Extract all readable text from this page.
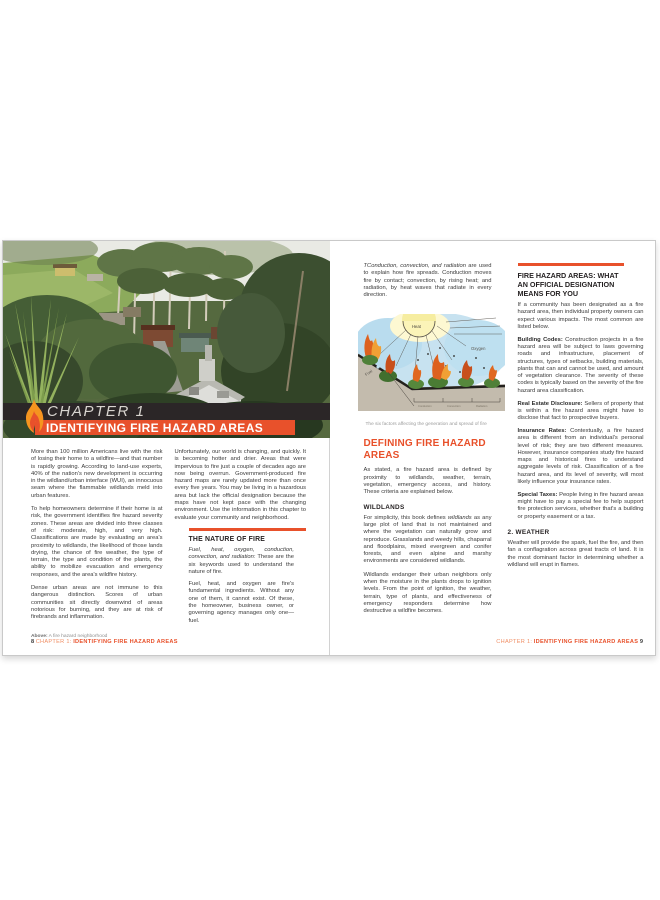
CHAPTER 1
IDENTIFYING FIRE HAZARD AREAS

More than 100 million Americans live with the risk of losing their home to a wildfire—and that number is rapidly growing. According to land-use experts, 40% of the nation's new development is occurring in the wildland/urban interface (WUI), an innocuous seam where the flammable wildlands meld into urban features.

To help homeowners determine if their home is at risk, the government identifies fire hazard severity zones. These areas are divided into three classes of risk: moderate, high, and very high. Classifications are made by evaluating an area's proximity to wildlands, the likelihood of those lands drying, the chance of fire weather, the type of terrain, the type and condition of the plants, the ability to mobilize evacuation and emergency responses, and the area's wildfire history.

Dense urban areas are not immune to this dangerous distinction. Scores of urban communities sit directly downwind of areas notorious for burning, and they are at risk of firebrands and inflammation.

Above: A fire hazard neighborhood

Unfortunately, our world is changing, and quickly. It is becoming hotter and drier. Areas that were impervious to fire just a couple of decades ago are now being overrun. Government-produced fire hazard maps are rarely updated more than once every five years. You may be living in a hazardous area but lack the official designation because the maps have not kept pace with the changing environment. Use the information in this chapter to evaluate your community and neighborhood.

THE NATURE OF FIRE

Fuel, heat, oxygen, conduction, convection, and radiation: These are the six keywords used to understand the nature of fire.

Fuel, heat, and oxygen are fire's fundamental ingredients. Without any one of them, it cannot exist. Of these, the homeowner, business owner, or governing agency manages only one—fuel.

8 CHAPTER 1: IDENTIFYING FIRE HAZARD AREAS

TConduction, convection, and radiation are used to explain how fire spreads. Conduction moves fire by contact; convection, by rising heat; and radiation, by heat waves that radiate in every direction.

Heat
Oxygen
Fuel
Conduction	Convection	Radiation

The six factors affecting the generation and spread of fire

DEFINING FIRE HAZARD AREAS

As stated, a fire hazard area is defined by proximity to wildlands, weather, terrain, vegetation, emergency access, and history. These criteria are explained below.

WILDLANDS

For simplicity, this book defines wildlands as any large plot of land that is not maintained and where the vegetation can naturally grow and reproduce. Grasslands and weedy hills, chaparral and floodplains, mixed evergreen and conifer forests, and even alpine and marshy environments are considered wildlands.

Wildlands endanger their urban neighbors only when the moisture in the plants drops to ignition levels. From the point of ignition, the weather, terrain, type of plants, and effectiveness of emergency responders determine how destructive a wildfire becomes.

FIRE HAZARD AREAS: WHAT AN OFFICIAL DESIGNATION MEANS FOR YOU

If a community has been designated as a fire hazard area, then individual property owners can expect various impacts. The most common are listed below.

Building Codes: Construction projects in a fire hazard area will be subject to laws governing roads and infrastructure, placement of structures, types of setbacks, building materials, plants that can and cannot be used, and amount of vegetation clearance. The severity of these codes is typically based on the severity of the fire hazard area classification.

Real Estate Disclosure: Sellers of property that is within a fire hazard area might have to disclose that fact to prospective buyers.

Insurance Rates: Contextually, a fire hazard area is different from an individual's personal level of risk; they are two different measures. However, insurance companies study fire hazard maps and historical fires to understand aggregate levels of risk. Classification of a fire hazard area, and its level of severity, will most likely influence your insurance rates.

Special Taxes: People living in fire hazard areas might have to pay a special fee to help support fire protection services, whether that's a building or property easement or a tax.

2. WEATHER

Weather will provide the spark, fuel the fire, and then fan a conflagration across great tracts of land. It is the most dominant factor in determining whether a wildland will erupt in flames.

CHAPTER 1: IDENTIFYING FIRE HAZARD AREAS 9
